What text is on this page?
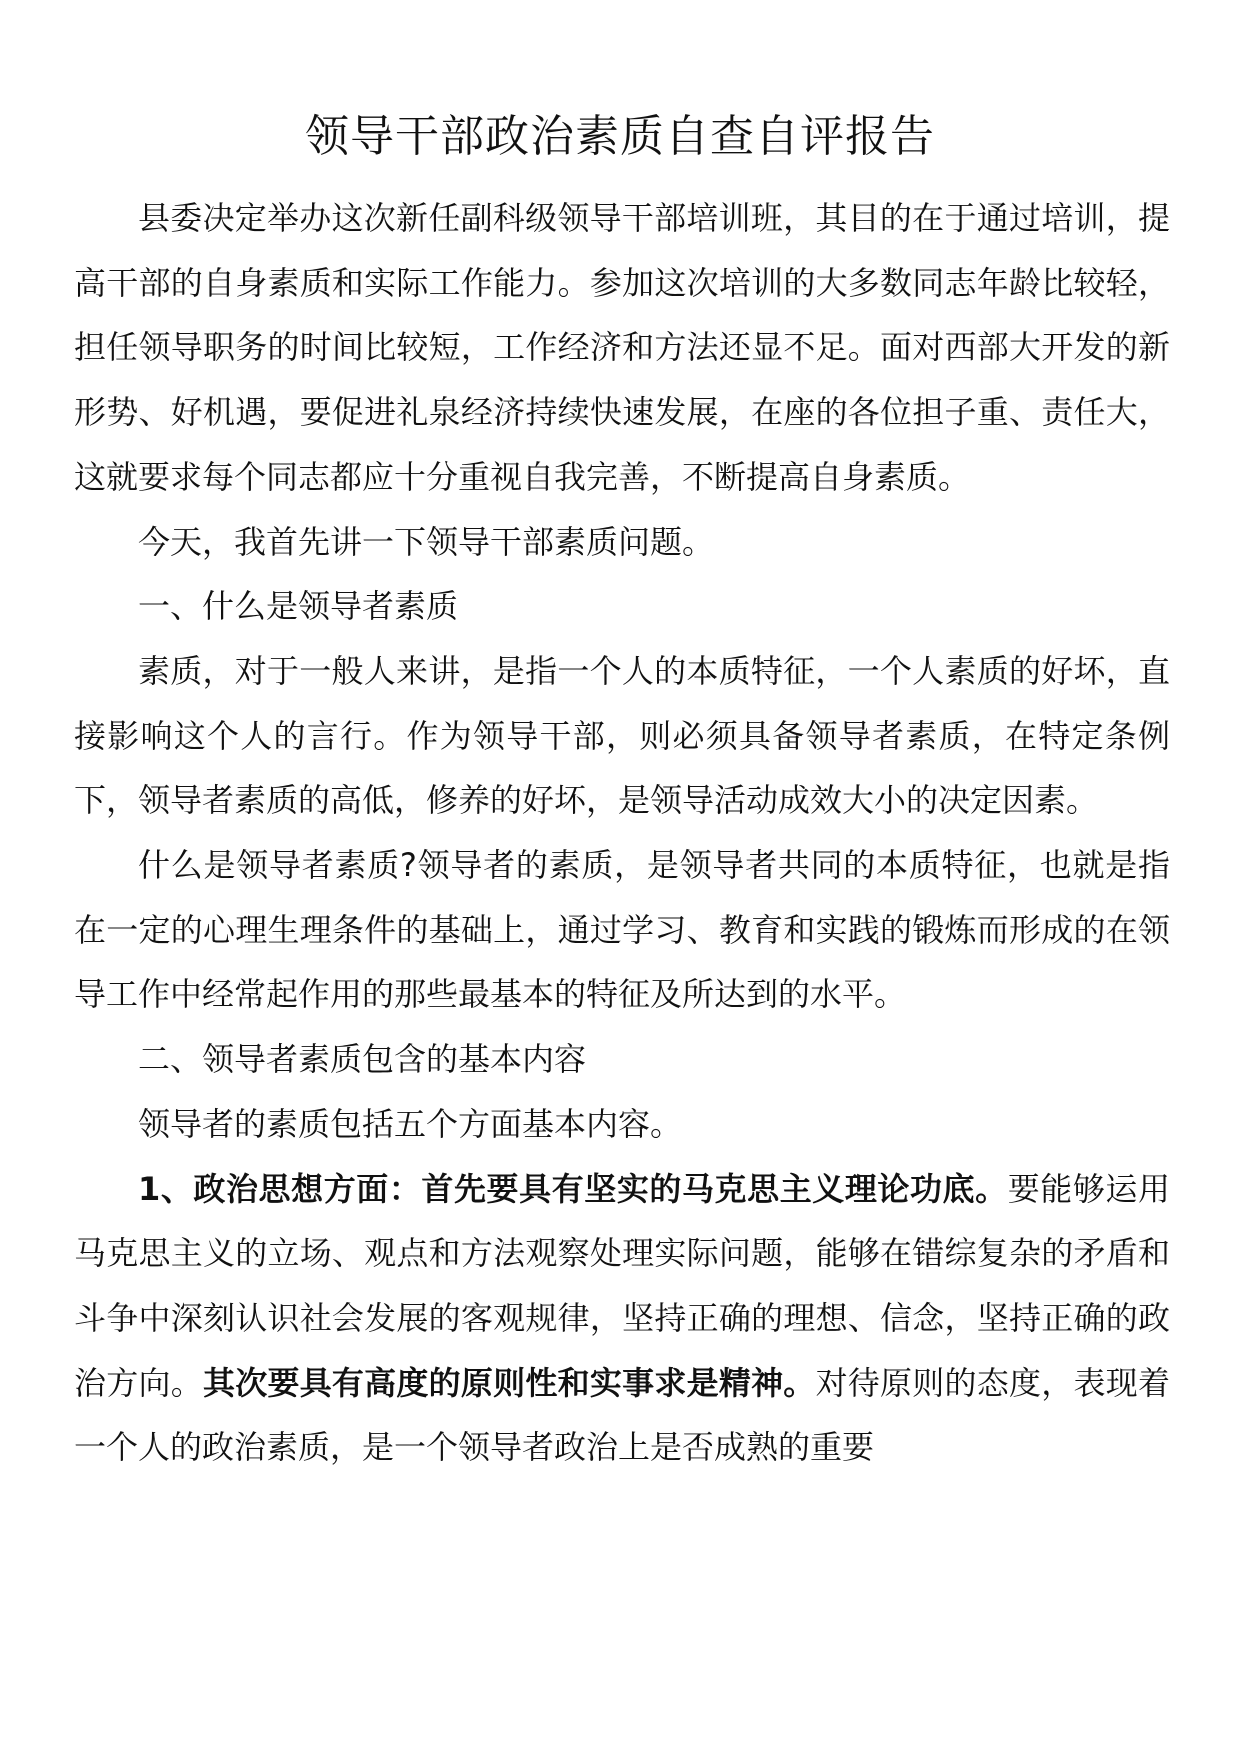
领导干部政治素质自查自评报告

县委决定举办这次新任副科级领导干部培训班，其目的在于通过培训，提高干部的自身素质和实际工作能力。参加这次培训的大多数同志年龄比较轻，担任领导职务的时间比较短，工作经济和方法还显不足。面对西部大开发的新形势、好机遇，要促进礼泉经济持续快速发展，在座的各位担子重、责任大，这就要求每个同志都应十分重视自我完善，不断提高自身素质。

今天，我首先讲一下领导干部素质问题。

一、什么是领导者素质

素质，对于一般人来讲，是指一个人的本质特征，一个人素质的好坏，直接影响这个人的言行。作为领导干部，则必须具备领导者素质，在特定条例下，领导者素质的高低，修养的好坏，是领导活动成效大小的决定因素。

什么是领导者素质?领导者的素质，是领导者共同的本质特征，也就是指在一定的心理生理条件的基础上，通过学习、教育和实践的锻炼而形成的在领导工作中经常起作用的那些最基本的特征及所达到的水平。

二、领导者素质包含的基本内容

领导者的素质包括五个方面基本内容。

1、政治思想方面：首先要具有坚实的马克思主义理论功底。要能够运用马克思主义的立场、观点和方法观察处理实际问题，能够在错综复杂的矛盾和斗争中深刻认识社会发展的客观规律，坚持正确的理想、信念，坚持正确的政治方向。其次要具有高度的原则性和实事求是精神。对待原则的态度，表现着一个人的政治素质，是一个领导者政治上是否成熟的重要
